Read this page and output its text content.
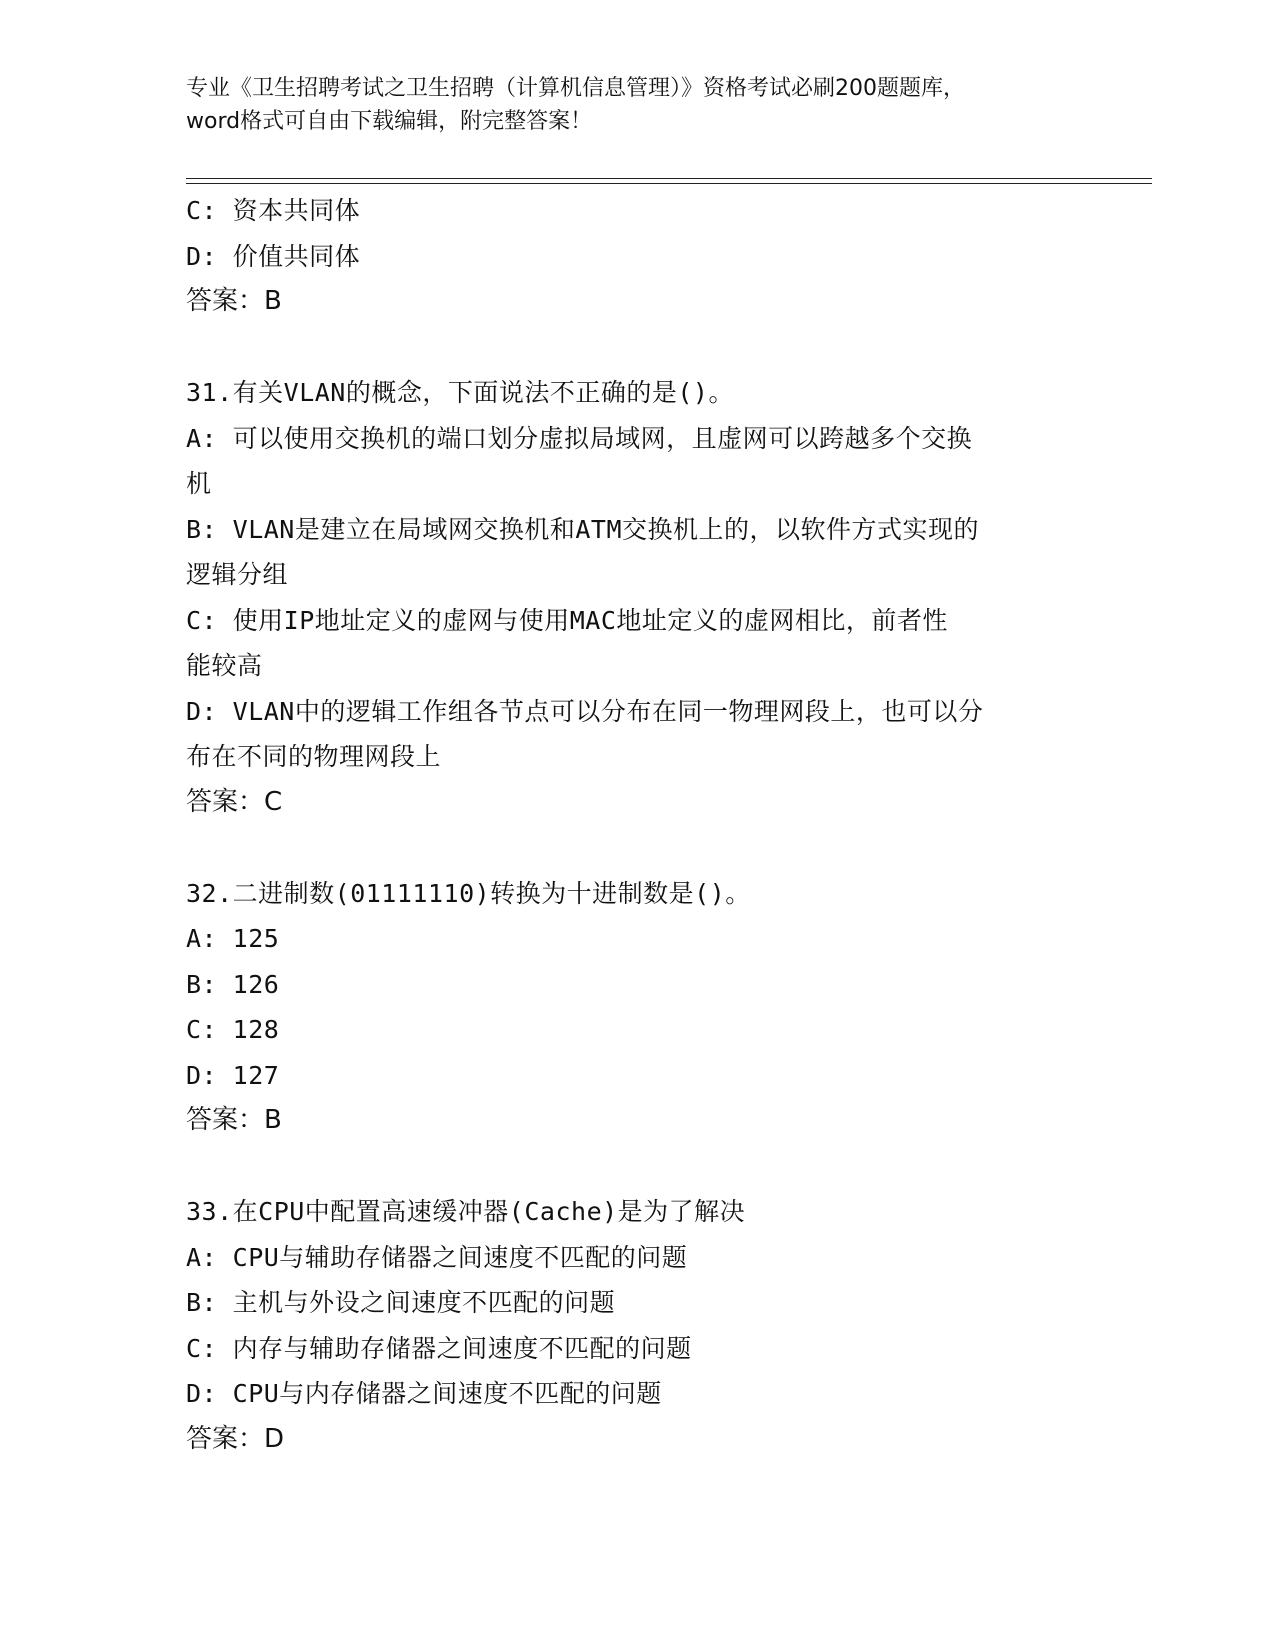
专业《卫生招聘考试之卫生招聘（计算机信息管理）》资格考试必刷200题题库，
word格式可自由下载编辑，附完整答案！
C: 资本共同体
D: 价值共同体
答案：B
31.有关VLAN的概念，下面说法不正确的是()。
A: 可以使用交换机的端口划分虚拟局域网，且虚网可以跨越多个交换
机
B: VLAN是建立在局域网交换机和ATM交换机上的，以软件方式实现的
逻辑分组
C: 使用IP地址定义的虚网与使用MAC地址定义的虚网相比，前者性
能较高
D: VLAN中的逻辑工作组各节点可以分布在同一物理网段上，也可以分
布在不同的物理网段上
答案：C
32.二进制数(01111110)转换为十进制数是()。
A: 125
B: 126
C: 128
D: 127
答案：B
33.在CPU中配置高速缓冲器(Cache)是为了解决
A: CPU与辅助存储器之间速度不匹配的问题
B: 主机与外设之间速度不匹配的问题
C: 内存与辅助存储器之间速度不匹配的问题
D: CPU与内存储器之间速度不匹配的问题
答案：D
